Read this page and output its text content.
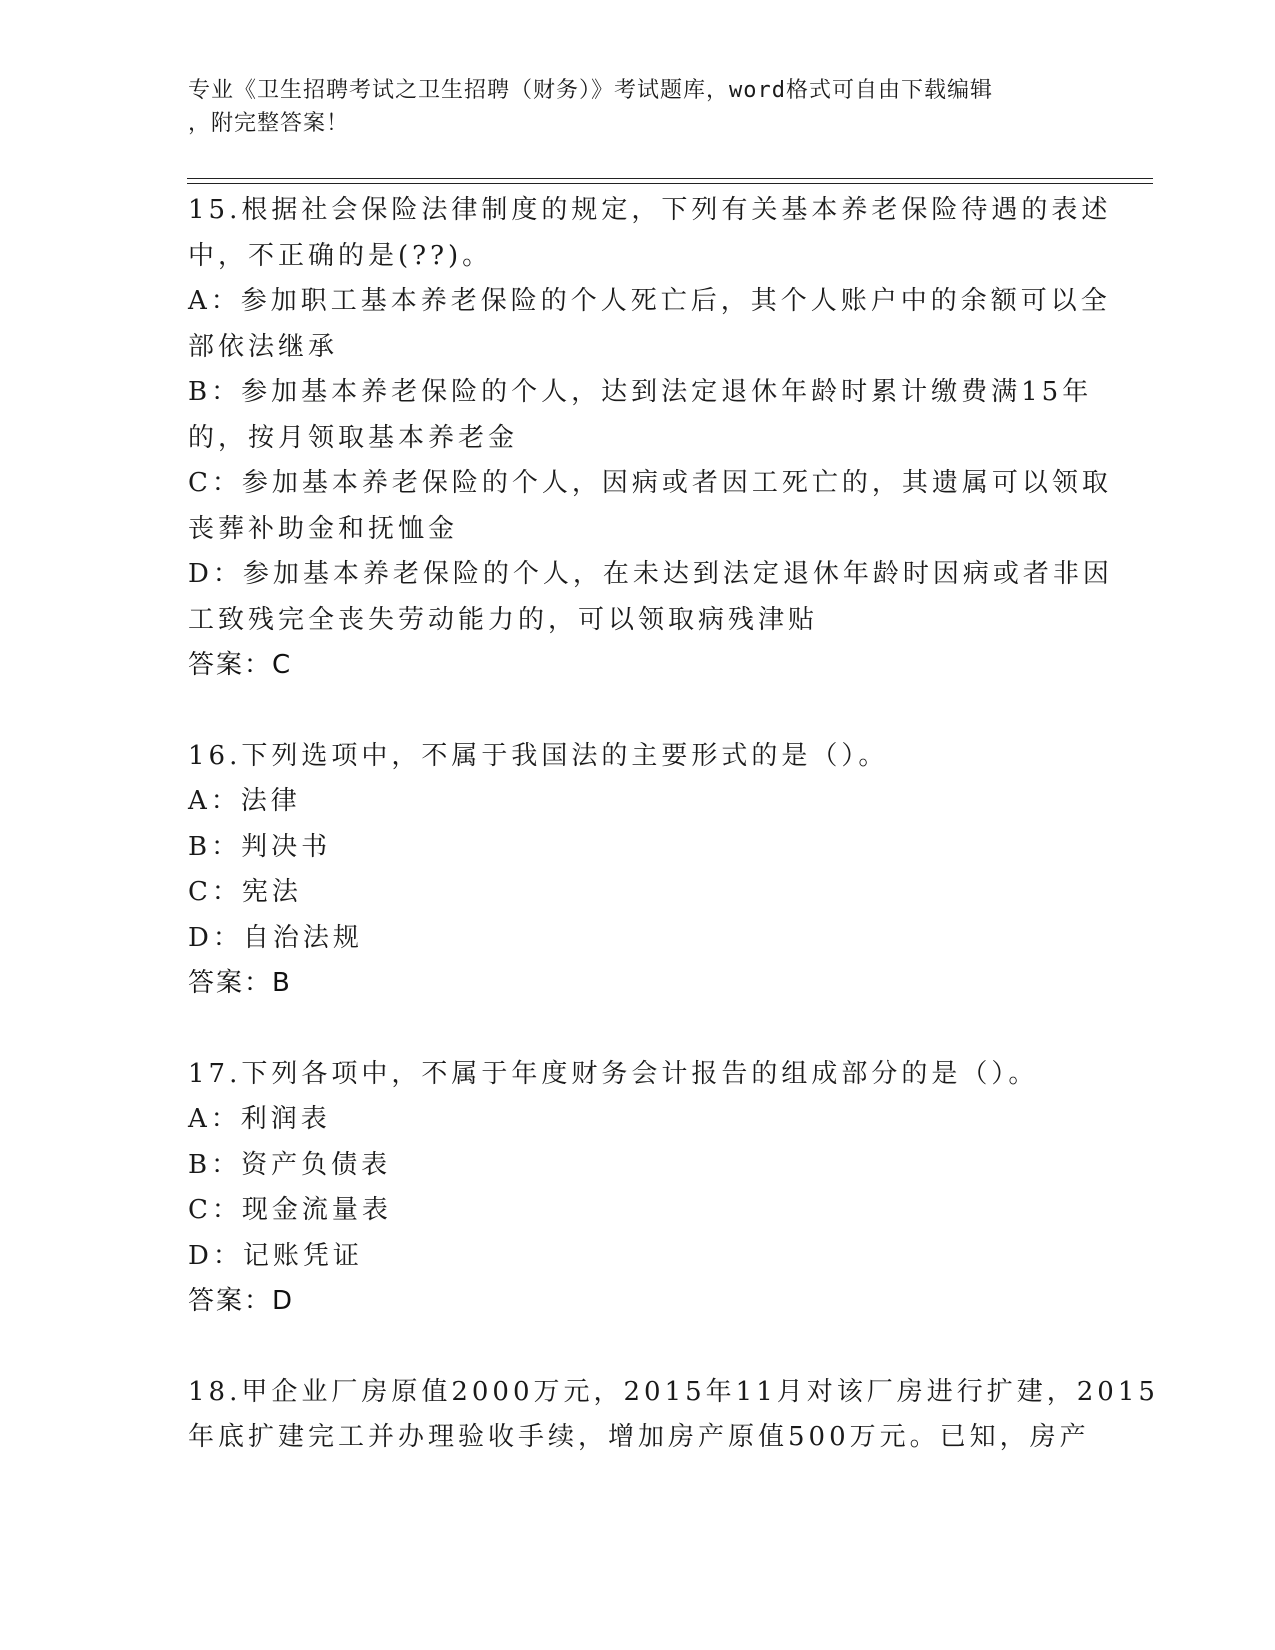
专业《卫生招聘考试之卫生招聘（财务）》考试题库，word格式可自由下载编辑
，附完整答案！
15.根据社会保险法律制度的规定，下列有关基本养老保险待遇的表述
中，不正确的是(??)。
A：参加职工基本养老保险的个人死亡后，其个人账户中的余额可以全
部依法继承
B：参加基本养老保险的个人，达到法定退休年龄时累计缴费满15年
的，按月领取基本养老金
C：参加基本养老保险的个人，因病或者因工死亡的，其遗属可以领取
丧葬补助金和抚恤金
D：参加基本养老保险的个人，在未达到法定退休年龄时因病或者非因
工致残完全丧失劳动能力的，可以领取病残津贴
答案：C
16.下列选项中，不属于我国法的主要形式的是（）。
A：法律
B：判决书
C：宪法
D：自治法规
答案：B
17.下列各项中，不属于年度财务会计报告的组成部分的是（）。
A：利润表
B：资产负债表
C：现金流量表
D：记账凭证
答案：D
18.甲企业厂房原值2000万元，2015年11月对该厂房进行扩建，2015
年底扩建完工并办理验收手续，增加房产原值500万元。已知，房产
